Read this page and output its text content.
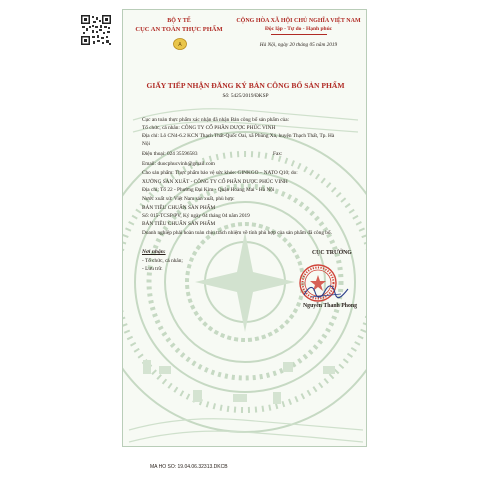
BỘ Y TẾ
CỤC AN TOÀN THỰC PHẨM
A
CỘNG HÒA XÃ HỘI CHỦ NGHĨA VIỆT NAM
Độc lập - Tự do - Hạnh phúc
Hà Nội, ngày 20 tháng 05 năm 2019
GIẤY TIẾP NHẬN ĐĂNG KÝ BẢN CÔNG BỐ SẢN PHẨM
Số: 5425/2019/ĐKSP
Cục an toàn thực phẩm xác nhận đã nhận Bản công bố sản phẩm của:
Tổ chức, cá nhân: CÔNG TY CỔ PHẦN DƯỢC PHÚC VINH
Địa chỉ: Lô CN4-6.2 KCN Thạch Thất-Quốc Oai, xã Phùng Xá, huyện Thạch Thất, Tp. Hà
Nội
Điện thoại: 024 35596583	Fax:
Email: duocphucvinh@gmail.com
Cho sản phẩm: Thực phẩm bảo vệ sức khỏe: GINKGO – NATO Q10; do:
XƯỞNG SẢN XUẤT - CÔNG TY CỔ PHẦN DƯỢC PHÚC VINH
Địa chỉ: Tổ 22 - Phường Đại Kim - Quận Hoàng Mai - Hà Nội
Nước xuất xứ: Việt Nam sản xuất, phù hợp:
BẢN TIÊU CHUẨN SẢN PHẨM
Số: 015-TCSP/PV, Ký ngày 04 tháng 04 năm 2019
BẢN TIÊU CHUẨN SẢN PHẨM
Doanh nghiệp phải hoàn toàn chịu trách nhiệm về tính phù hợp của sản phẩm đã công bố.
Nơi nhận:
- Tổ chức, cá nhân;
- Lưu trữ.
CỤC TRƯỞNG
Nguyễn Thanh Phong
MA HO SO: 19.04.06.32313.DKCB
